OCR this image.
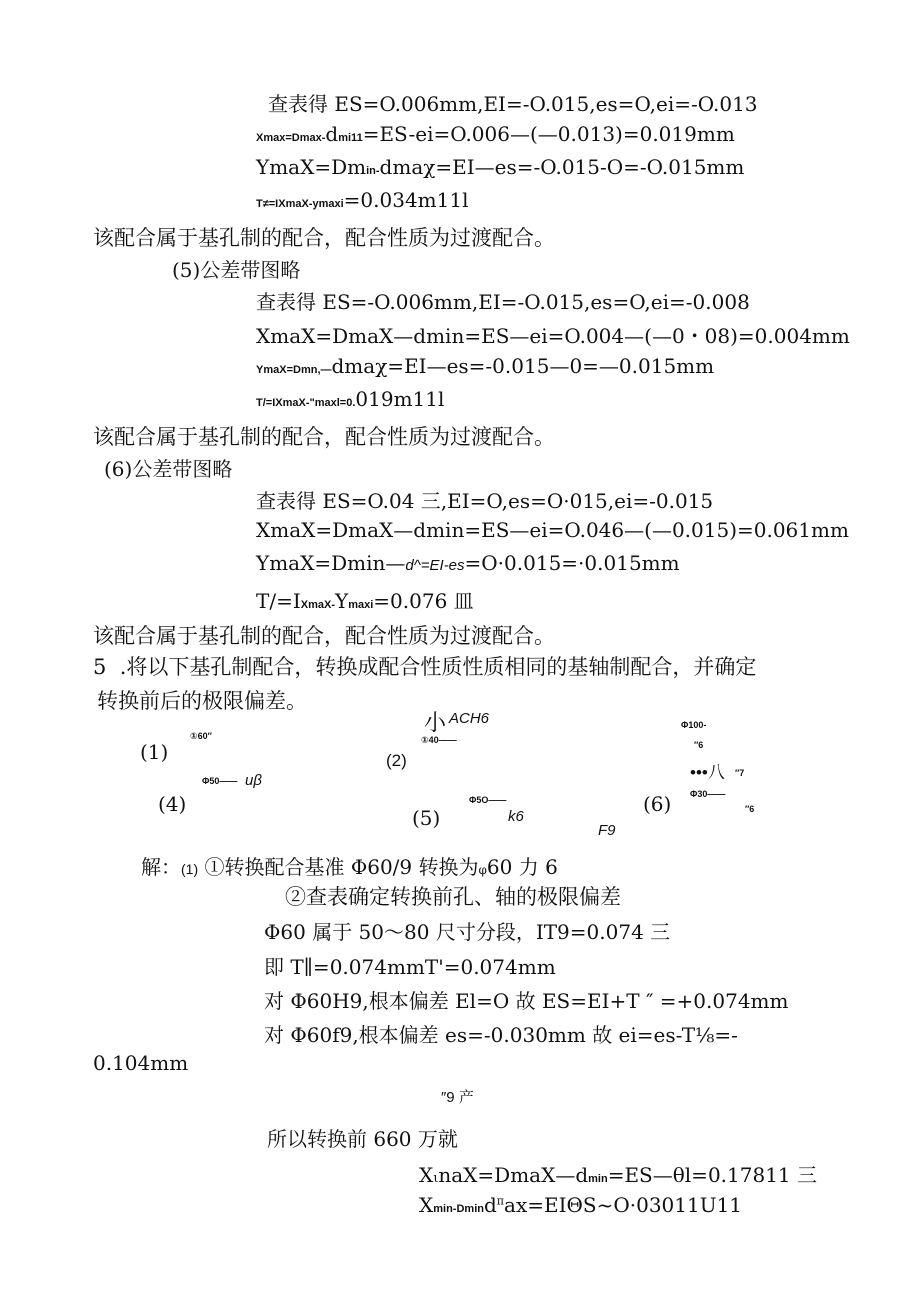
查表得 ES=O.006mm,EI=-O.015,es=O,ei=-O.013
Xmax=Dmax-dmi11=ES-ei=O.006—(—0.013)=0.019mm
YmaX=Dmin-dmaχ=EI—es=-O.015-O=-O.015mm
T≠=IXmaX-ymaxi=0.034m11l
该配合属于基孔制的配合，配合性质为过渡配合。
(5)公差带图略
查表得 ES=-O.006mm,EI=-O.015,es=O,ei=-0.008
XmaX=DmaX—dmin=ES—ei=O.004—(—0・08)=0.004mm
YmaX=Dmn,—dmaχ=EI—es=-0.015—0=—0.015mm
T/=IXmaX-"maxl=0.019m11l
该配合属于基孔制的配合，配合性质为过渡配合。
(6)公差带图略
查表得 ES=O.04 三,EI=O,es=O·015,ei=-0.015
XmaX=DmaX—dmin=ES—ei=O.046—(—0.015)=0.061mm
YmaX=Dmin—d^=EI-es=O·0.015=·0.015mm
T/=IXmaX-Ymaxi=0.076 皿
该配合属于基孔制的配合，配合性质为过渡配合。
5  .将以下基孔制配合，转换成配合性质性质相同的基轴制配合，并确定
转换前后的极限偏差。
小 ACH6	Φ100-
(1)
①60″	①40——	″6
(2)
•••八 ″7
Φ50—— uβ
Φ30——
(4)	Φ5O——	(6)	″6
(5)	k6
F9
解：(1) ①转换配合基准 Φ60/9 转换为φ60 力 6
②查表确定转换前孔、轴的极限偏差
Φ60 属于 50～80 尺寸分段，IT9=0.074 三
即 T∥=0.074mmT'=0.074mm
对 Φ60H9,根本偏差 El=O 故 ES=EI+T ″ =+0.074mm
对 Φ60f9,根本偏差 es=-0.030mm 故 ei=es-T⅛=-
0.104mm
″9 产
所以转换前 660 万就
XιnaX=DmaX—dmin=ES—θl=0.17811 三
Xmin-Dmind$^\pi$ax=EIΘS~O·03011U11
